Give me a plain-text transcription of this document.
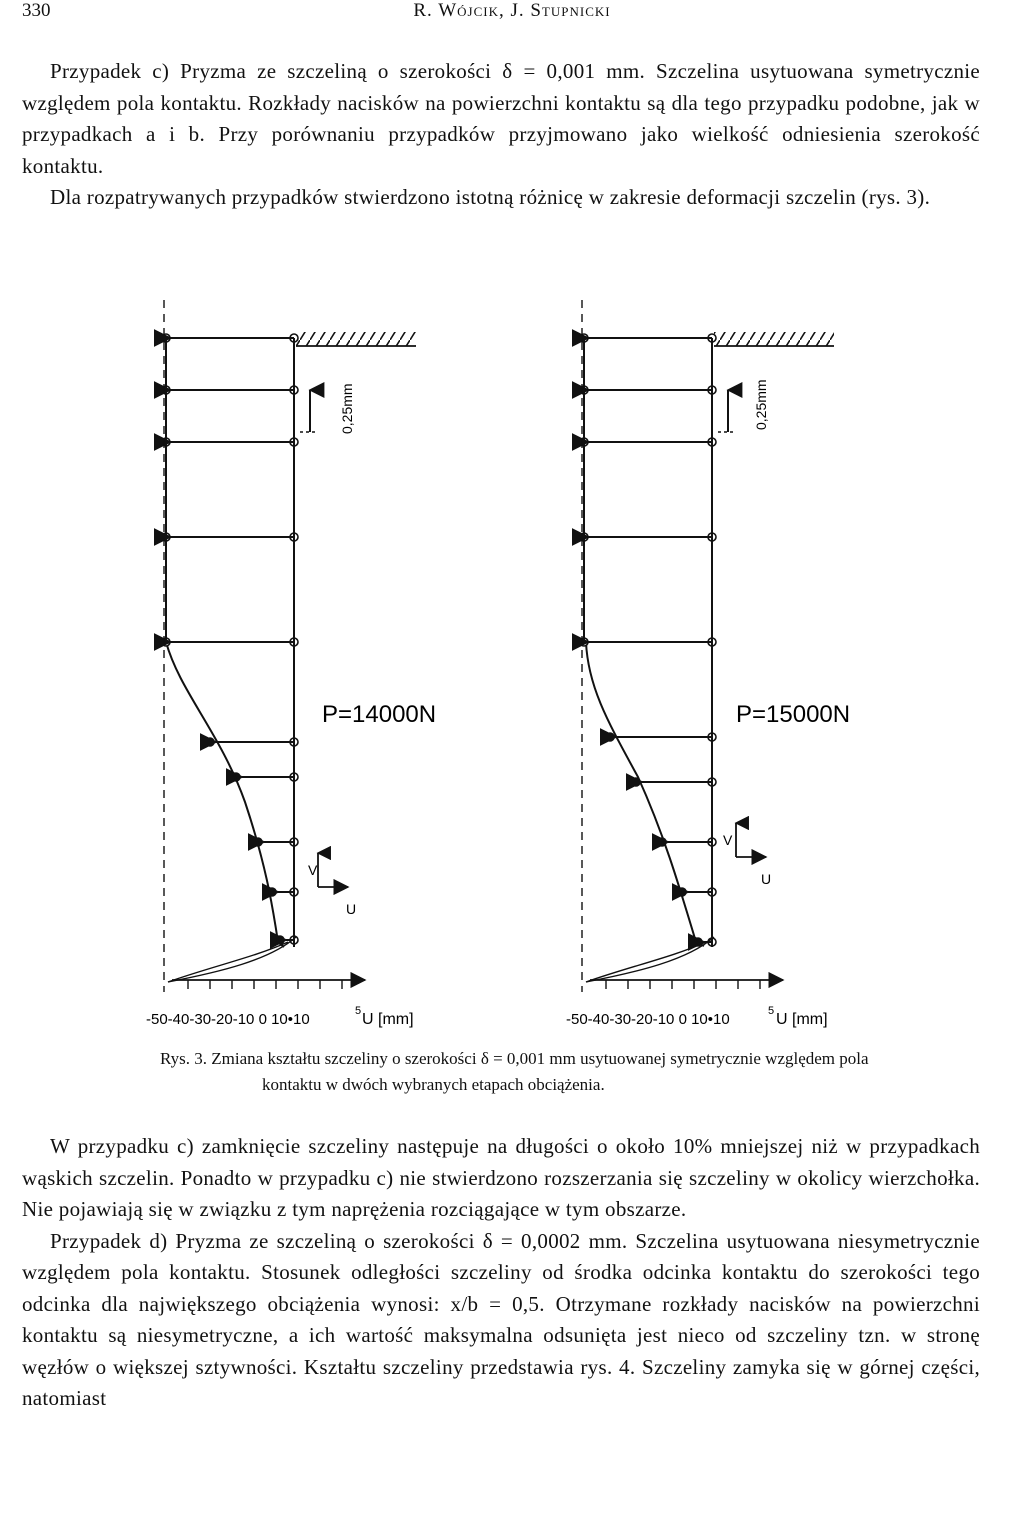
330	R. Wójcik, J. Stupnicki

Przypadek c) Pryzma ze szczeliną o szerokości δ = 0,001 mm. Szczelina usytuowana symetrycznie względem pola kontaktu. Rozkłady nacisków na powierzchni kontaktu są dla tego przypadku podobne, jak w przypadkach a i b. Przy porównaniu przypadków przyjmowano jako wielkość odniesienia szerokość kontaktu.

Dla rozpatrywanych przypadków stwierdzono istotną różnicę w zakresie deformacji szczelin (rys. 3).

P=14000N
0,25mm
V
U
-50-40-30-20-10 0 10•10	5 U [mm]
P=15000N
0,25mm
V
U
-50-40-30-20-10 0 10•10	5 U [mm]
Rys. 3. Zmiana kształtu szczeliny o szerokości δ = 0,001 mm usytuowanej symetrycznie względem pola
kontaktu w dwóch wybranych etapach obciążenia.

W przypadku c) zamknięcie szczeliny następuje na długości o około 10% mniejszej niż w przypadkach wąskich szczelin. Ponadto w przypadku c) nie stwierdzono rozszerzania się szczeliny w okolicy wierzchołka. Nie pojawiają się w związku z tym naprężenia rozciągające w tym obszarze.

Przypadek d) Pryzma ze szczeliną o szerokości δ = 0,0002 mm. Szczelina usytuowana niesymetrycznie względem pola kontaktu. Stosunek odległości szczeliny od środka odcinka kontaktu do szerokości tego odcinka dla największego obciążenia wynosi: x/b = 0,5. Otrzymane rozkłady nacisków na powierzchni kontaktu są niesymetryczne, a ich wartość maksymalna odsunięta jest nieco od szczeliny tzn. w stronę węzłów o większej sztywności. Kształtu szczeliny przedstawia rys. 4. Szczeliny zamyka się w górnej części, natomiast
